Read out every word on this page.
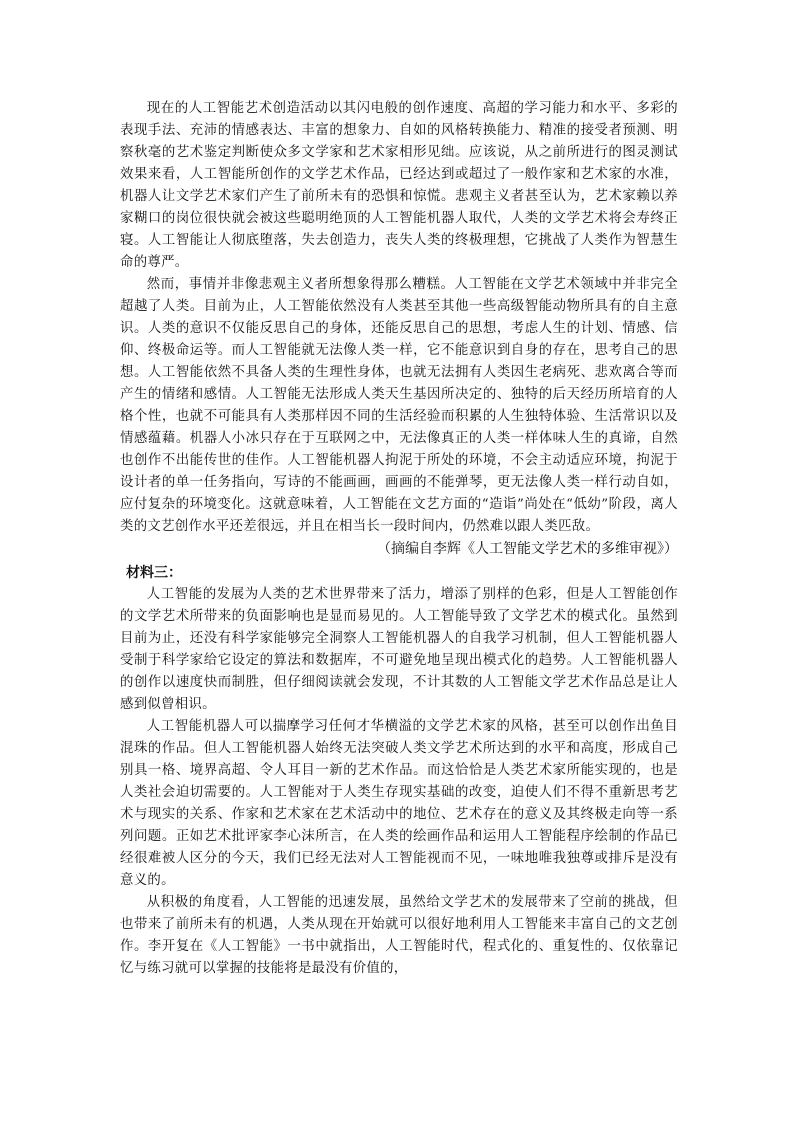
现在的人工智能艺术创造活动以其闪电般的创作速度、高超的学习能力和水平、多彩的表现手法、充沛的情感表达、丰富的想象力、自如的风格转换能力、精准的接受者预测、明察秋毫的艺术鉴定判断使众多文学家和艺术家相形见绌。应该说，从之前所进行的图灵测试效果来看，人工智能所创作的文学艺术作品，已经达到或超过了一般作家和艺术家的水准，机器人让文学艺术家们产生了前所未有的恐惧和惊慌。悲观主义者甚至认为，艺术家赖以养家糊口的岗位很快就会被这些聪明绝顶的人工智能机器人取代，人类的文学艺术将会寿终正寝。人工智能让人彻底堕落，失去创造力，丧失人类的终极理想，它挑战了人类作为智慧生命的尊严。

然而，事情并非像悲观主义者所想象得那么糟糕。人工智能在文学艺术领域中并非完全超越了人类。目前为止，人工智能依然没有人类甚至其他一些高级智能动物所具有的自主意识。人类的意识不仅能反思自己的身体，还能反思自己的思想，考虑人生的计划、情感、信仰、终极命运等。而人工智能就无法像人类一样，它不能意识到自身的存在，思考自己的思想。人工智能依然不具备人类的生理性身体，也就无法拥有人类因生老病死、悲欢离合等而产生的情绪和感情。人工智能无法形成人类天生基因所决定的、独特的后天经历所培育的人格个性，也就不可能具有人类那样因不同的生活经验而积累的人生独特体验、生活常识以及情感蕴藉。机器人小冰只存在于互联网之中，无法像真正的人类一样体味人生的真谛，自然也创作不出能传世的佳作。人工智能机器人拘泥于所处的环境，不会主动适应环境，拘泥于设计者的单一任务指向，写诗的不能画画，画画的不能弹琴，更无法像人类一样行动自如，应付复杂的环境变化。这就意味着，人工智能在文艺方面的“造诣”尚处在“低幼”阶段，离人类的文艺创作水平还差很远，并且在相当长一段时间内，仍然难以跟人类匹敌。

（摘编自李辉《人工智能文学艺术的多维审视》）

材料三：

人工智能的发展为人类的艺术世界带来了活力，增添了别样的色彩，但是人工智能创作的文学艺术所带来的负面影响也是显而易见的。人工智能导致了文学艺术的模式化。虽然到目前为止，还没有科学家能够完全洞察人工智能机器人的自我学习机制，但人工智能机器人受制于科学家给它设定的算法和数据库，不可避免地呈现出模式化的趋势。人工智能机器人的创作以速度快而制胜，但仔细阅读就会发现，不计其数的人工智能文学艺术作品总是让人感到似曾相识。

人工智能机器人可以揣摩学习任何才华横溢的文学艺术家的风格，甚至可以创作出鱼目混珠的作品。但人工智能机器人始终无法突破人类文学艺术所达到的水平和高度，形成自己别具一格、境界高超、令人耳目一新的艺术作品。而这恰恰是人类艺术家所能实现的，也是人类社会迫切需要的。人工智能对于人类生存现实基础的改变，迫使人们不得不重新思考艺术与现实的关系、作家和艺术家在艺术活动中的地位、艺术存在的意义及其终极走向等一系列问题。正如艺术批评家李心沫所言，在人类的绘画作品和运用人工智能程序绘制的作品已经很难被人区分的今天，我们已经无法对人工智能视而不见，一味地唯我独尊或排斥是没有意义的。

从积极的角度看，人工智能的迅速发展，虽然给文学艺术的发展带来了空前的挑战，但也带来了前所未有的机遇，人类从现在开始就可以很好地利用人工智能来丰富自己的文艺创作。李开复在《人工智能》一书中就指出，人工智能时代，程式化的、重复性的、仅依靠记忆与练习就可以掌握的技能将是最没有价值的，
